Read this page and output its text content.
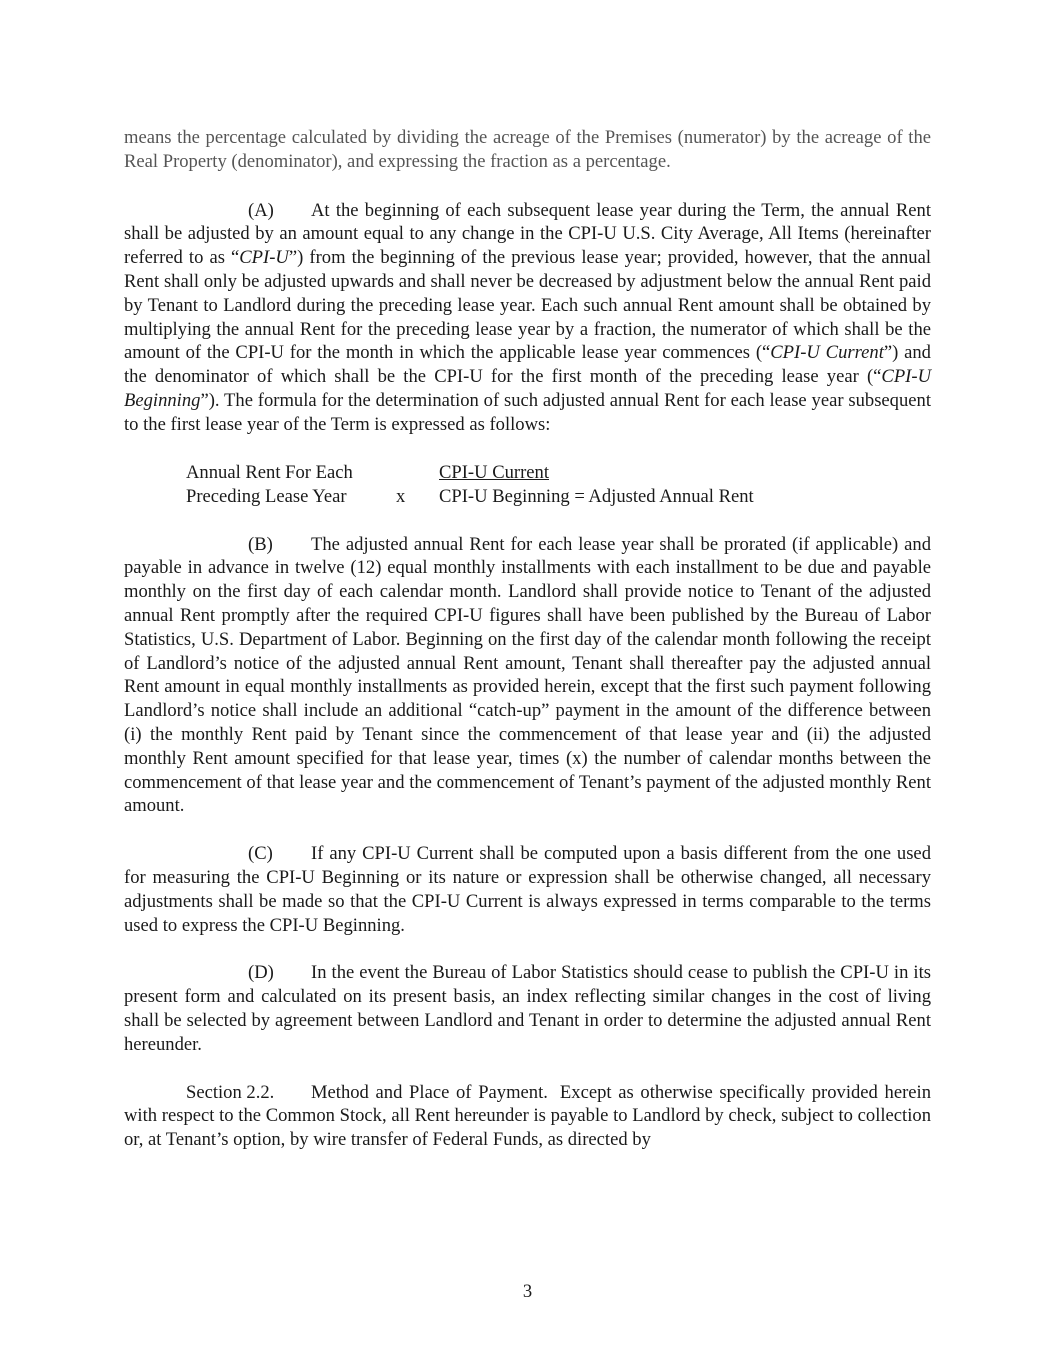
means the percentage calculated by dividing the acreage of the Premises (numerator) by the acreage of the Real Property (denominator), and expressing the fraction as a percentage.

(A) At the beginning of each subsequent lease year during the Term, the annual Rent shall be adjusted by an amount equal to any change in the CPI-U U.S. City Average, All Items (hereinafter referred to as “CPI-U”) from the beginning of the previous lease year; provided, however, that the annual Rent shall only be adjusted upwards and shall never be decreased by adjustment below the annual Rent paid by Tenant to Landlord during the preceding lease year. Each such annual Rent amount shall be obtained by multiplying the annual Rent for the preceding lease year by a fraction, the numerator of which shall be the amount of the CPI-U for the month in which the applicable lease year commences (“CPI-U Current”) and the denominator of which shall be the CPI-U for the first month of the preceding lease year (“CPI-U Beginning”). The formula for the determination of such adjusted annual Rent for each lease year subsequent to the first lease year of the Term is expressed as follows:

Annual Rent For Each	CPI-U Current
Preceding Lease Year	x	CPI-U Beginning = Adjusted Annual Rent

(B) The adjusted annual Rent for each lease year shall be prorated (if applicable) and payable in advance in twelve (12) equal monthly installments with each installment to be due and payable monthly on the first day of each calendar month. Landlord shall provide notice to Tenant of the adjusted annual Rent promptly after the required CPI-U figures shall have been published by the Bureau of Labor Statistics, U.S. Department of Labor. Beginning on the first day of the calendar month following the receipt of Landlord’s notice of the adjusted annual Rent amount, Tenant shall thereafter pay the adjusted annual Rent amount in equal monthly installments as provided herein, except that the first such payment following Landlord’s notice shall include an additional “catch-up” payment in the amount of the difference between (i) the monthly Rent paid by Tenant since the commencement of that lease year and (ii) the adjusted monthly Rent amount specified for that lease year, times (x) the number of calendar months between the commencement of that lease year and the commencement of Tenant’s payment of the adjusted monthly Rent amount.

(C) If any CPI-U Current shall be computed upon a basis different from the one used for measuring the CPI-U Beginning or its nature or expression shall be otherwise changed, all necessary adjustments shall be made so that the CPI-U Current is always expressed in terms comparable to the terms used to express the CPI-U Beginning.

(D) In the event the Bureau of Labor Statistics should cease to publish the CPI-U in its present form and calculated on its present basis, an index reflecting similar changes in the cost of living shall be selected by agreement between Landlord and Tenant in order to determine the adjusted annual Rent hereunder.

Section 2.2. Method and Place of Payment. Except as otherwise specifically provided herein with respect to the Common Stock, all Rent hereunder is payable to Landlord by check, subject to collection or, at Tenant’s option, by wire transfer of Federal Funds, as directed by

3
